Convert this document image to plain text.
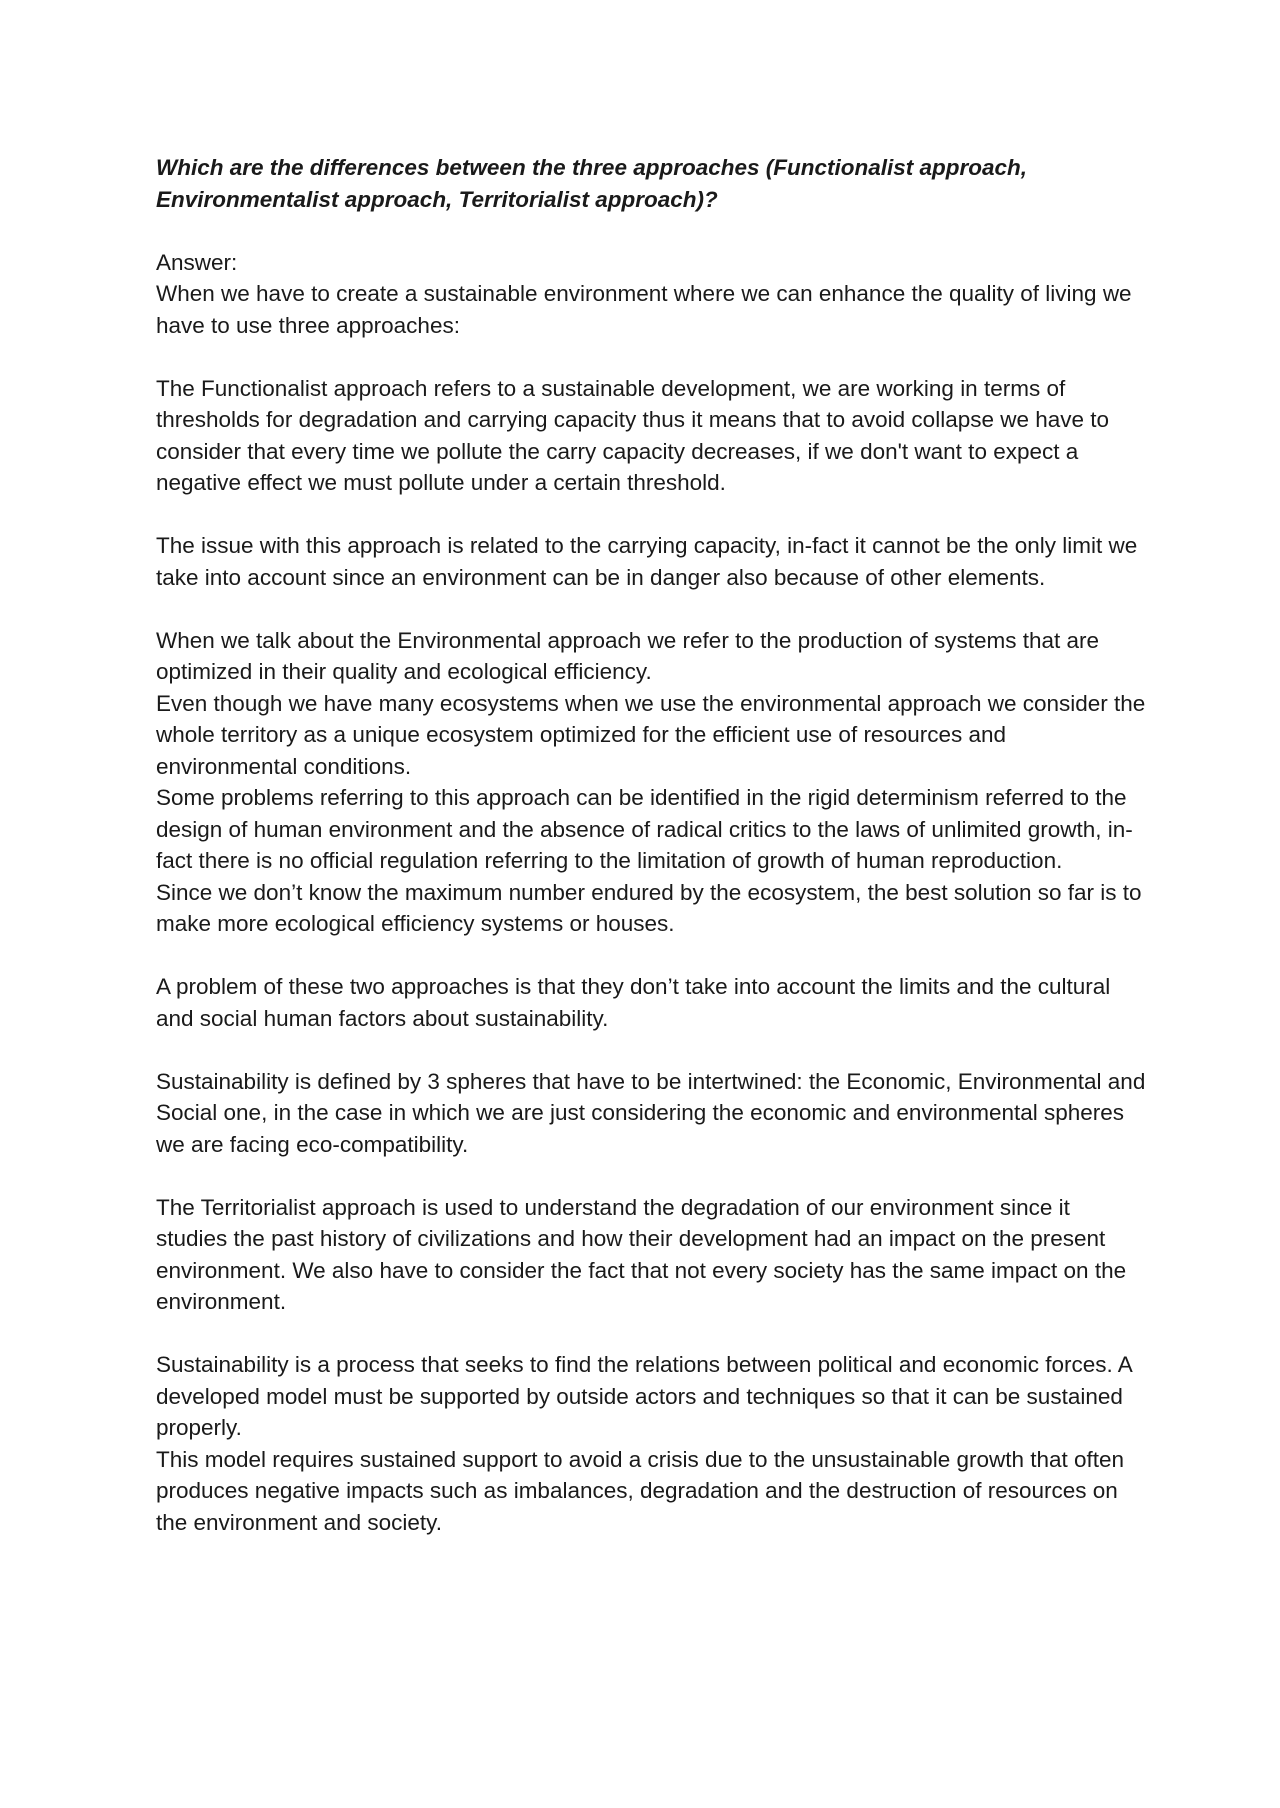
Which are the differences between the three approaches (Functionalist approach, Environmentalist approach, Territorialist approach)?

Answer:

When we have to create a sustainable environment where we can enhance the quality of living we have to use three approaches:

The Functionalist approach refers to a sustainable development, we are working in terms of thresholds for degradation and carrying capacity thus it means that to avoid collapse we have to consider that every time we pollute the carry capacity decreases, if we don't want to expect a negative effect we must pollute under a certain threshold.

The issue with this approach is related to the carrying capacity, in-fact it cannot be the only limit we take into account since an environment can be in danger also because of other elements.

When we talk about the Environmental approach we refer to the production of systems that are optimized in their quality and ecological efficiency.

Even though we have many ecosystems when we use the environmental approach we consider the whole territory as a unique ecosystem optimized for the efficient use of resources and environmental conditions.

Some problems referring to this approach can be identified in the rigid determinism referred to the design of human environment and the absence of radical critics to the laws of unlimited growth, in-fact there is no official regulation referring to the limitation of growth of human reproduction.

Since we don’t know the maximum number endured by the ecosystem, the best solution so far is to make more ecological efficiency systems or houses.

A problem of these two approaches is that they don’t take into account the limits and the cultural and social human factors about sustainability.

Sustainability is defined by 3 spheres that have to be intertwined: the Economic, Environmental and Social one, in the case in which we are just considering the economic and environmental spheres we are facing eco-compatibility.

The Territorialist approach is used to understand the degradation of our environment since it studies the past history of civilizations and how their development had an impact on the present environment. We also have to consider the fact that not every society has the same impact on the environment.

Sustainability is a process that seeks to find the relations between political and economic forces. A developed model must be supported by outside actors and techniques so that it can be sustained properly.

This model requires sustained support to avoid a crisis due to the unsustainable growth that often produces negative impacts such as imbalances, degradation and the destruction of resources on the environment and society.
